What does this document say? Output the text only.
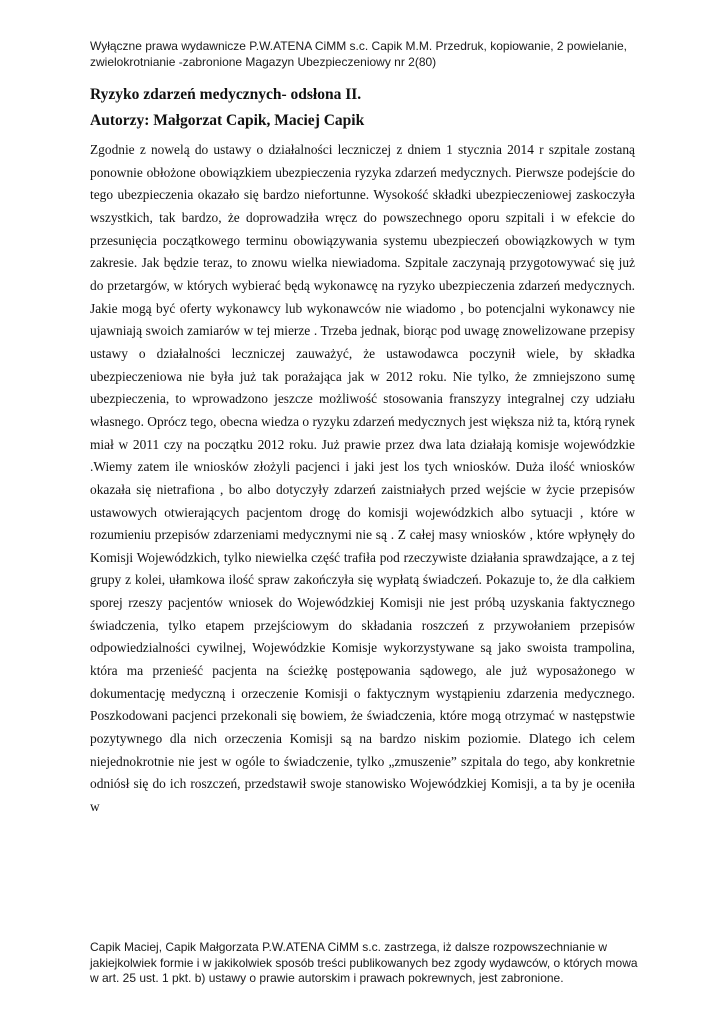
Wyłączne prawa wydawnicze P.W.ATENA CiMM s.c. Capik M.M. Przedruk, kopiowanie, 2 powielanie, zwielokrotnianie -zabronione Magazyn Ubezpieczeniowy nr 2(80)
Ryzyko zdarzeń medycznych- odsłona II.
Autorzy: Małgorzat Capik, Maciej Capik

Zgodnie z nowelą do ustawy o działalności leczniczej z dniem 1 stycznia 2014 r szpitale zostaną ponownie obłożone obowiązkiem ubezpieczenia ryzyka zdarzeń medycznych. Pierwsze podejście do tego ubezpieczenia okazało się bardzo niefortunne. Wysokość składki ubezpieczeniowej zaskoczyła wszystkich, tak bardzo, że doprowadziła wręcz do powszechnego oporu szpitali i w efekcie do przesunięcia początkowego terminu obowiązywania systemu ubezpieczeń obowiązkowych w tym zakresie. Jak będzie teraz, to znowu wielka niewiadoma. Szpitale zaczynają przygotowywać się już do przetargów, w których wybierać będą wykonawcę na ryzyko ubezpieczenia zdarzeń medycznych. Jakie mogą być oferty wykonawcy lub wykonawców nie wiadomo , bo potencjalni wykonawcy nie ujawniają swoich zamiarów w tej mierze . Trzeba jednak, biorąc pod uwagę znowelizowane przepisy ustawy o działalności leczniczej zauważyć, że ustawodawca poczynił wiele, by składka ubezpieczeniowa nie była już tak porażająca jak w 2012 roku. Nie tylko, że zmniejszono sumę ubezpieczenia, to wprowadzono jeszcze możliwość stosowania franszyzy integralnej czy udziału własnego. Oprócz tego, obecna wiedza o ryzyku zdarzeń medycznych jest większa niż ta, którą rynek miał w 2011 czy na początku 2012 roku. Już prawie przez dwa lata działają komisje wojewódzkie .Wiemy zatem ile wniosków złożyli pacjenci i jaki jest los tych wniosków. Duża ilość wniosków okazała się nietrafiona , bo albo dotyczyły zdarzeń zaistniałych przed wejście w życie przepisów ustawowych otwierających pacjentom drogę do komisji wojewódzkich albo sytuacji , które w rozumieniu przepisów zdarzeniami medycznymi nie są . Z całej masy wniosków , które wpłynęły do Komisji Wojewódzkich, tylko niewielka część trafiła pod rzeczywiste działania sprawdzające, a z tej grupy z kolei, ułamkowa ilość spraw zakończyła się wypłatą świadczeń. Pokazuje to, że dla całkiem sporej rzeszy pacjentów wniosek do Wojewódzkiej Komisji nie jest próbą uzyskania faktycznego świadczenia, tylko etapem przejściowym do składania roszczeń z przywołaniem przepisów odpowiedzialności cywilnej, Wojewódzkie Komisje wykorzystywane są jako swoista trampolina, która ma przenieść pacjenta na ścieżkę postępowania sądowego, ale już wyposażonego w dokumentację medyczną i orzeczenie Komisji o faktycznym wystąpieniu zdarzenia medycznego. Poszkodowani pacjenci przekonali się bowiem, że świadczenia, które mogą otrzymać w następstwie pozytywnego dla nich orzeczenia Komisji są na bardzo niskim poziomie. Dlatego ich celem niejednokrotnie nie jest w ogóle to świadczenie, tylko „zmuszenie” szpitala do tego, aby konkretnie odniósł się do ich roszczeń, przedstawił swoje stanowisko Wojewódzkiej Komisji, a ta by je oceniła w

Capik Maciej, Capik Małgorzata P.W.ATENA CiMM s.c. zastrzega, iż dalsze rozpowszechnianie w jakiejkolwiek formie i w jakikolwiek sposób treści publikowanych bez zgody wydawców, o których mowa w art. 25 ust. 1 pkt. b) ustawy o prawie autorskim i prawach pokrewnych, jest zabronione.
